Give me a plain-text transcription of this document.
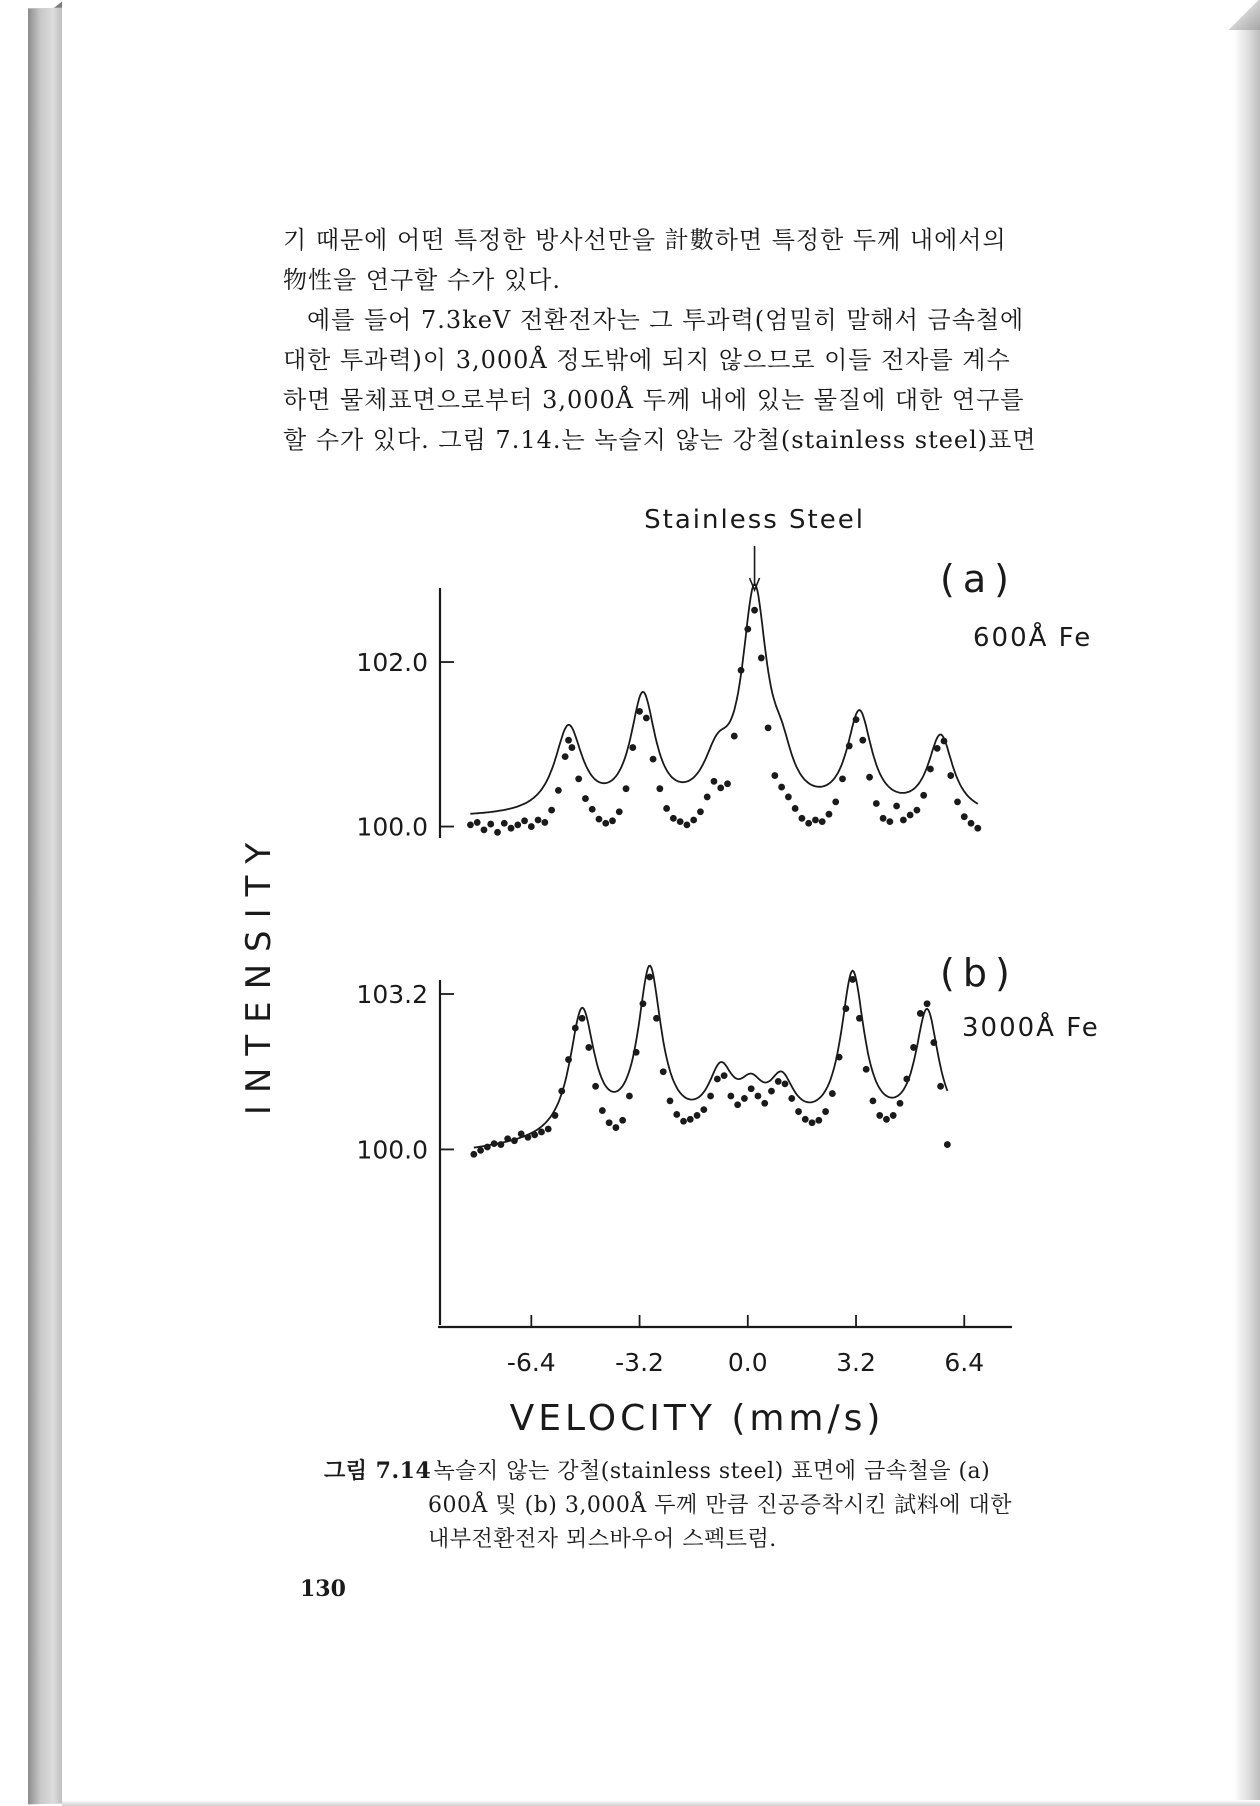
기 때문에 어떤 특정한 방사선만을 計數하면 특정한 두께 내에서의
物性을 연구할 수가 있다.

예를 들어 7.3keV 전환전자는 그 투과력(엄밀히 말해서 금속철에
대한 투과력)이 3,000Å 정도밖에 되지 않으므로 이들 전자를 계수
하면 물체표면으로부터 3,000Å 두께 내에 있는 물질에 대한 연구를
할 수가 있다. 그림 7.14.는 녹슬지 않는 강철(stainless steel)표면

Stainless Steel
INTENSITY
102.0
100.0
(a)
600Å Fe
103.2
100.0
(b)
3000Å Fe
-6.4 -3.2	0.0	3.2	6.4
VELOCITY (mm/s)
그림 7.14 녹슬지 않는 강철(stainless steel) 표면에 금속철을 (a)
600Å 및 (b) 3,000Å 두께 만큼 진공증착시킨 試料에 대한
내부전환전자 뫼스바우어 스펙트럼.
130
